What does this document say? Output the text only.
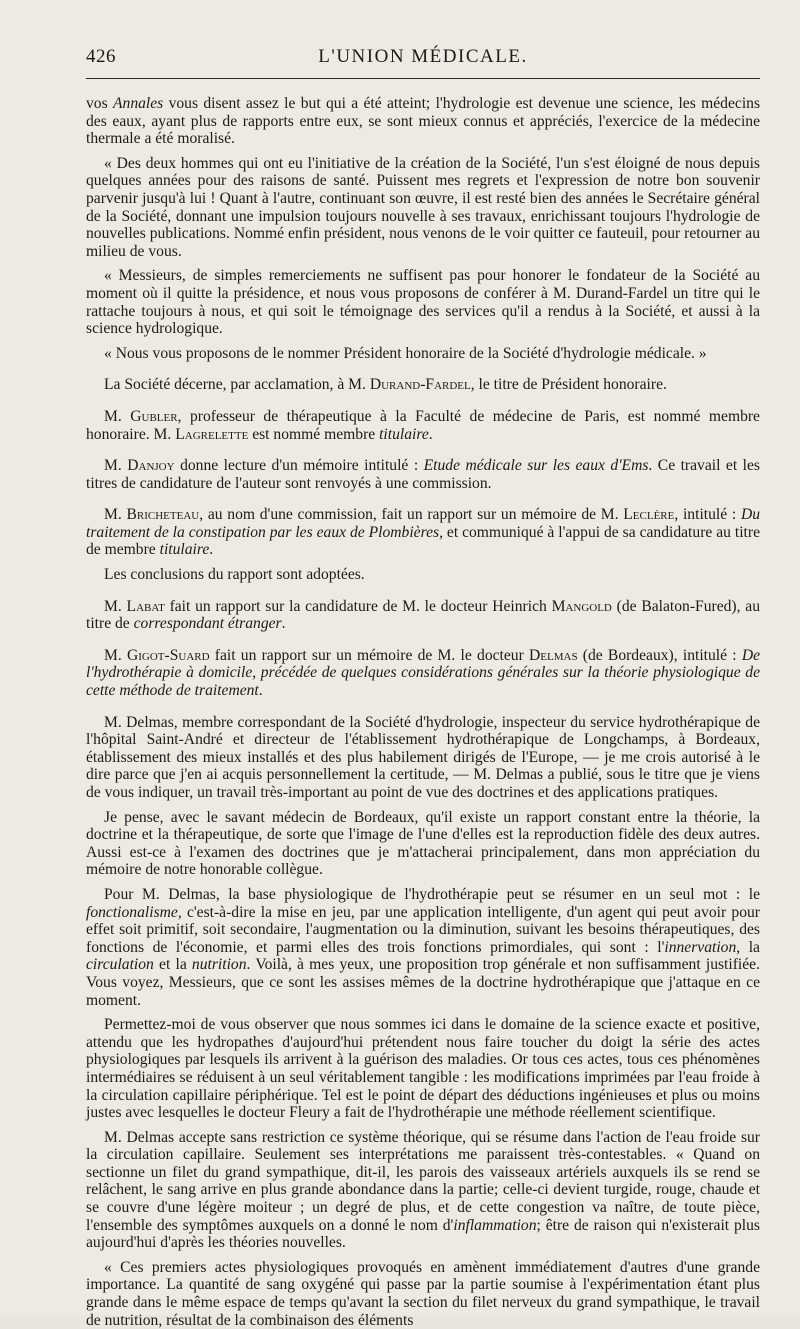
426	L'UNION MÉDICALE.

vos Annales vous disent assez le but qui a été atteint; l'hydrologie est devenue une science, les médecins des eaux, ayant plus de rapports entre eux, se sont mieux connus et appréciés, l'exercice de la médecine thermale a été moralisé.

« Des deux hommes qui ont eu l'initiative de la création de la Société, l'un s'est éloigné de nous depuis quelques années pour des raisons de santé. Puissent mes regrets et l'expression de notre bon souvenir parvenir jusqu'à lui ! Quant à l'autre, continuant son œuvre, il est resté bien des années le Secrétaire général de la Société, donnant une impulsion toujours nouvelle à ses travaux, enrichissant toujours l'hydrologie de nouvelles publications. Nommé enfin président, nous venons de le voir quitter ce fauteuil, pour retourner au milieu de vous.

« Messieurs, de simples remerciements ne suffisent pas pour honorer le fondateur de la Société au moment où il quitte la présidence, et nous vous proposons de conférer à M. Durand-Fardel un titre qui le rattache toujours à nous, et qui soit le témoignage des services qu'il a rendus à la Société, et aussi à la science hydrologique.

« Nous vous proposons de le nommer Président honoraire de la Société d'hydrologie médicale. »

La Société décerne, par acclamation, à M. Durand-Fardel, le titre de Président honoraire.

M. Gubler, professeur de thérapeutique à la Faculté de médecine de Paris, est nommé membre honoraire. M. Lagrelette est nommé membre titulaire.

M. Danjoy donne lecture d'un mémoire intitulé : Etude médicale sur les eaux d'Ems. Ce travail et les titres de candidature de l'auteur sont renvoyés à une commission.

M. Bricheteau, au nom d'une commission, fait un rapport sur un mémoire de M. Leclère, intitulé : Du traitement de la constipation par les eaux de Plombières, et communiqué à l'appui de sa candidature au titre de membre titulaire.

Les conclusions du rapport sont adoptées.

M. Labat fait un rapport sur la candidature de M. le docteur Heinrich Mangold (de Balaton-Fured), au titre de correspondant étranger.

M. Gigot-Suard fait un rapport sur un mémoire de M. le docteur Delmas (de Bordeaux), intitulé : De l'hydrothérapie à domicile, précédée de quelques considérations générales sur la théorie physiologique de cette méthode de traitement.

M. Delmas, membre correspondant de la Société d'hydrologie, inspecteur du service hydrothérapique de l'hôpital Saint-André et directeur de l'établissement hydrothérapique de Longchamps, à Bordeaux, établissement des mieux installés et des plus habilement dirigés de l'Europe, — je me crois autorisé à le dire parce que j'en ai acquis personnellement la certitude, — M. Delmas a publié, sous le titre que je viens de vous indiquer, un travail très-important au point de vue des doctrines et des applications pratiques.

Je pense, avec le savant médecin de Bordeaux, qu'il existe un rapport constant entre la théorie, la doctrine et la thérapeutique, de sorte que l'image de l'une d'elles est la reproduction fidèle des deux autres. Aussi est-ce à l'examen des doctrines que je m'attacherai principalement, dans mon appréciation du mémoire de notre honorable collègue.

Pour M. Delmas, la base physiologique de l'hydrothérapie peut se résumer en un seul mot : le fonctionalisme, c'est-à-dire la mise en jeu, par une application intelligente, d'un agent qui peut avoir pour effet soit primitif, soit secondaire, l'augmentation ou la diminution, suivant les besoins thérapeutiques, des fonctions de l'économie, et parmi elles des trois fonctions primordiales, qui sont : l'innervation, la circulation et la nutrition. Voilà, à mes yeux, une proposition trop générale et non suffisamment justifiée. Vous voyez, Messieurs, que ce sont les assises mêmes de la doctrine hydrothérapique que j'attaque en ce moment.

Permettez-moi de vous observer que nous sommes ici dans le domaine de la science exacte et positive, attendu que les hydropathes d'aujourd'hui prétendent nous faire toucher du doigt la série des actes physiologiques par lesquels ils arrivent à la guérison des maladies. Or tous ces actes, tous ces phénomènes intermédiaires se réduisent à un seul véritablement tangible : les modifications imprimées par l'eau froide à la circulation capillaire périphérique. Tel est le point de départ des déductions ingénieuses et plus ou moins justes avec lesquelles le docteur Fleury a fait de l'hydrothérapie une méthode réellement scientifique.

M. Delmas accepte sans restriction ce système théorique, qui se résume dans l'action de l'eau froide sur la circulation capillaire. Seulement ses interprétations me paraissent très-contestables. « Quand on sectionne un filet du grand sympathique, dit-il, les parois des vaisseaux artériels auxquels ils se rend se relâchent, le sang arrive en plus grande abondance dans la partie; celle-ci devient turgide, rouge, chaude et se couvre d'une légère moiteur ; un degré de plus, et de cette congestion va naître, de toute pièce, l'ensemble des symptômes auxquels on a donné le nom d'inflammation; être de raison qui n'existerait plus aujourd'hui d'après les théories nouvelles.

« Ces premiers actes physiologiques provoqués en amènent immédiatement d'autres d'une grande importance. La quantité de sang oxygéné qui passe par la partie soumise à l'expérimentation étant plus grande dans le même espace de temps qu'avant la section du filet nerveux du grand sympathique, le travail de nutrition, résultat de la combinaison des éléments
